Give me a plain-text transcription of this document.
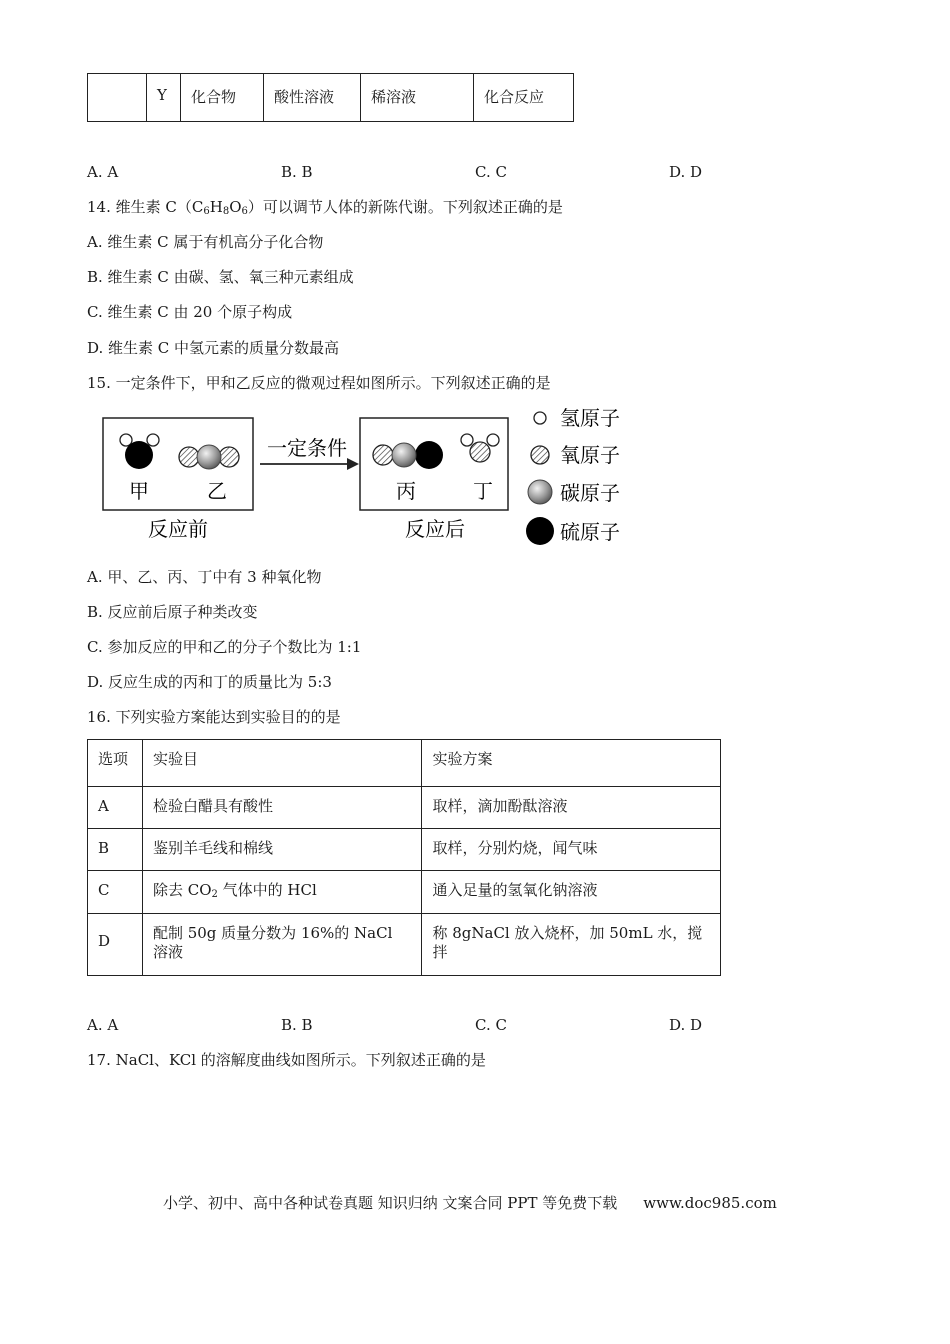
	Y	化合物	酸性溶液	稀溶液	化合反应
A. A	B. B	C. C	D. D
14. 维生素 $C(C_6H_8O_6)$可以调节人体的新陈代谢。下列叙述正确的是
A. 维生素 C 属于有机高分子化合物
B. 维生素 C 由碳、氢、氧三种元素组成
C. 维生素 C 由 20 个原子构成
D. 维生素 C 中氢元素的质量分数最高
15. 一定条件下，甲和乙反应的微观过程如图所示。下列叙述正确的是
甲	乙
反应前
一定条件
丙	丁
反应后
氢原子
氧原子
碳原子
硫原子
A. 甲、乙、丙、丁中有 3 种氧化物
B. 反应前后原子种类改变
C. 参加反应的甲和乙的分子个数比为 1:1
D. 反应生成的丙和丁的质量比为 5:3
16. 下列实验方案能达到实验目的的是
选项	实验目	实验方案
A	检验白醋具有酸性	取样，滴加酚酞溶液
B	鉴别羊毛线和棉线	取样，分别灼烧，闻气味
C	除去 $CO_2$ 气体中的 HCl	通入足量的氢氧化钠溶液
D	配制 50g 质量分数为 16%的 NaCl 溶液	称 8gNaCl 放入烧杯，加 50mL 水，搅拌
A. A	B. B	C. C	D. D
17. NaCl、KCl 的溶解度曲线如图所示。下列叙述正确的是
小学、初中、高中各种试卷真题 知识归纳 文案合同 PPT 等免费下载 www.doc985.com
